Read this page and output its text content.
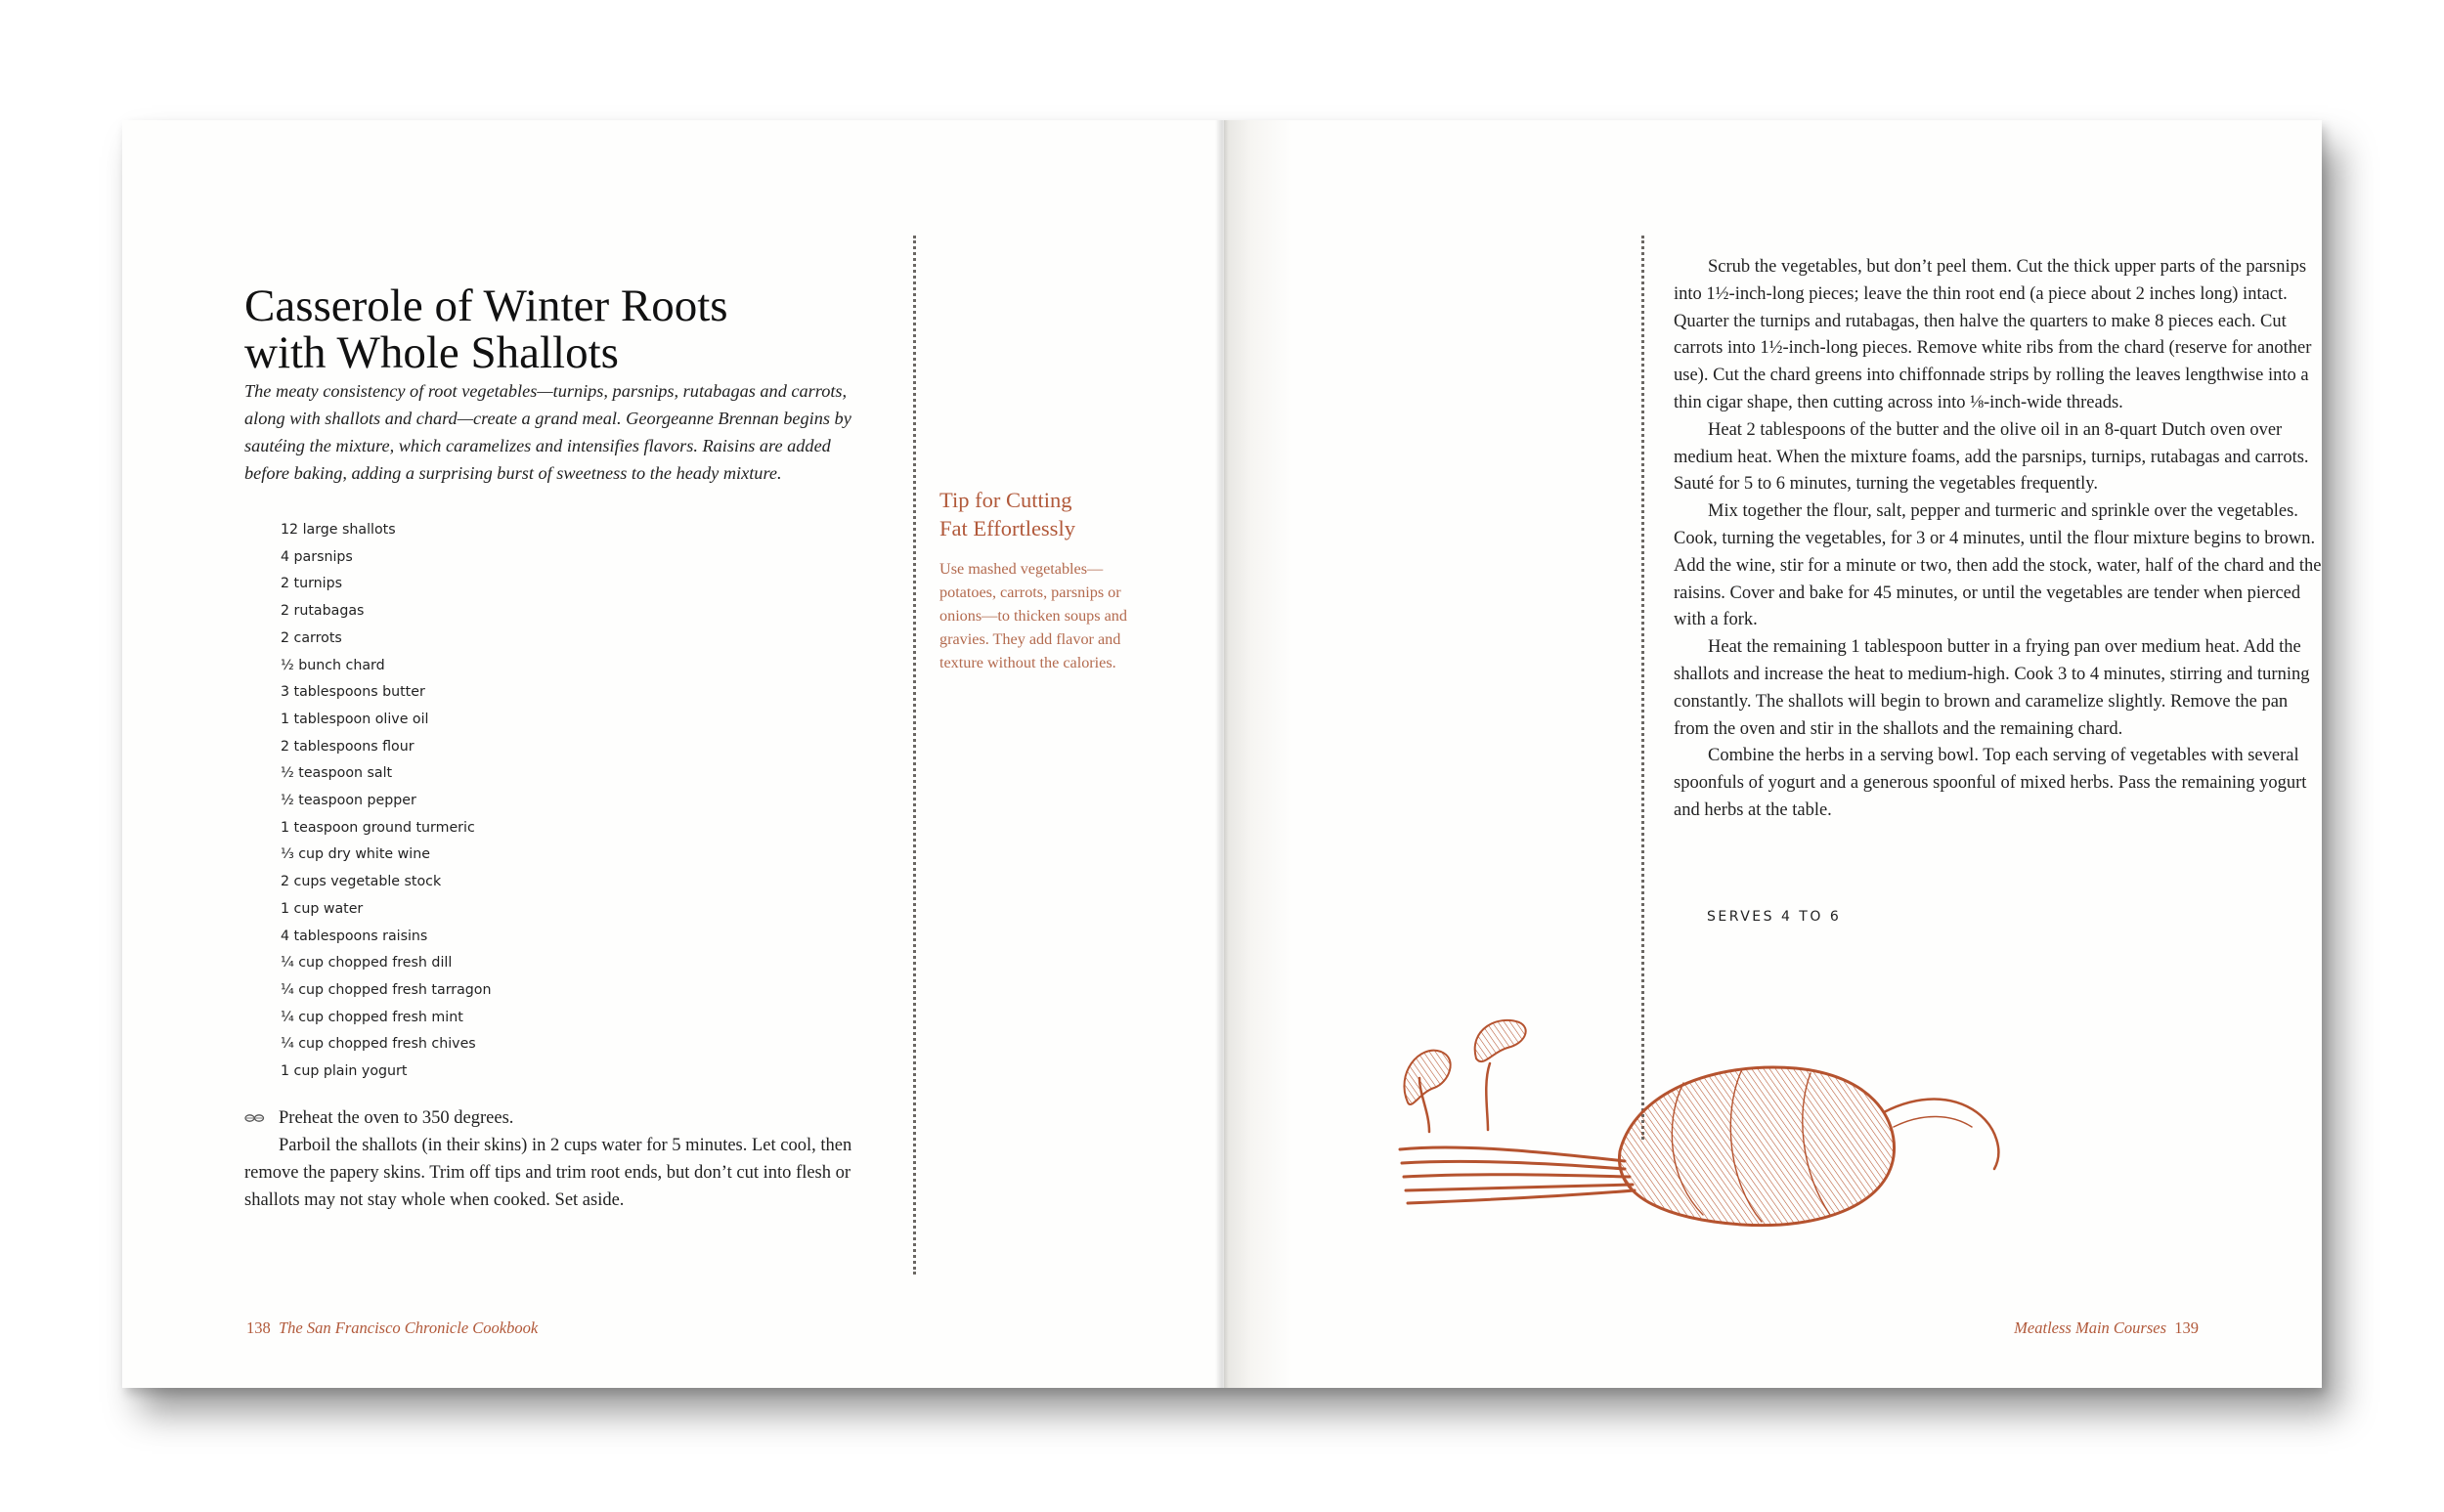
Casserole of Winter Roots
with Whole Shallots

The meaty consistency of root vegetables—turnips, parsnips, rutabagas and carrots, along with shallots and chard—create a grand meal. Georgeanne Brennan begins by sautéing the mixture, which caramelizes and intensifies flavors. Raisins are added before baking, adding a surprising burst of sweetness to the heady mixture.

12 large shallots
4 parsnips
2 turnips
2 rutabagas
2 carrots
½ bunch chard
3 tablespoons butter
1 tablespoon olive oil
2 tablespoons flour
½ teaspoon salt
½ teaspoon pepper
1 teaspoon ground turmeric
⅓ cup dry white wine
2 cups vegetable stock
1 cup water
4 tablespoons raisins
¼ cup chopped fresh dill
¼ cup chopped fresh tarragon
¼ cup chopped fresh mint
¼ cup chopped fresh chives
1 cup plain yogurt

Preheat the oven to 350 degrees.

Parboil the shallots (in their skins) in 2 cups water for 5 minutes. Let cool, then remove the papery skins. Trim off tips and trim root ends, but don’t cut into flesh or shallots may not stay whole when cooked. Set aside.

Tip for Cutting
Fat Effortlessly

Use mashed vegetables—potatoes, carrots, parsnips or onions—to thicken soups and gravies. They add flavor and texture without the calories.

138 The San Francisco Chronicle Cookbook

Scrub the vegetables, but don’t peel them. Cut the thick upper parts of the parsnips into 1½-inch-long pieces; leave the thin root end (a piece about 2 inches long) intact. Quarter the turnips and rutabagas, then halve the quarters to make 8 pieces each. Cut carrots into 1½-inch-long pieces. Remove white ribs from the chard (reserve for another use). Cut the chard greens into chiffonnade strips by rolling the leaves lengthwise into a thin cigar shape, then cutting across into ⅛-inch-wide threads.

Heat 2 tablespoons of the butter and the olive oil in an 8-quart Dutch oven over medium heat. When the mixture foams, add the parsnips, turnips, rutabagas and carrots. Sauté for 5 to 6 minutes, turning the vegetables frequently.

Mix together the flour, salt, pepper and turmeric and sprinkle over the vegetables. Cook, turning the vegetables, for 3 or 4 minutes, until the flour mixture begins to brown. Add the wine, stir for a minute or two, then add the stock, water, half of the chard and the raisins. Cover and bake for 45 minutes, or until the vegetables are tender when pierced with a fork.

Heat the remaining 1 tablespoon butter in a frying pan over medium heat. Add the shallots and increase the heat to medium-high. Cook 3 to 4 minutes, stirring and turning constantly. The shallots will begin to brown and caramelize slightly. Remove the pan from the oven and stir in the shallots and the remaining chard.

Combine the herbs in a serving bowl. Top each serving of vegetables with several spoonfuls of yogurt and a generous spoonful of mixed herbs. Pass the remaining yogurt and herbs at the table.

SERVES 4 TO 6
Meatless Main Courses 139
